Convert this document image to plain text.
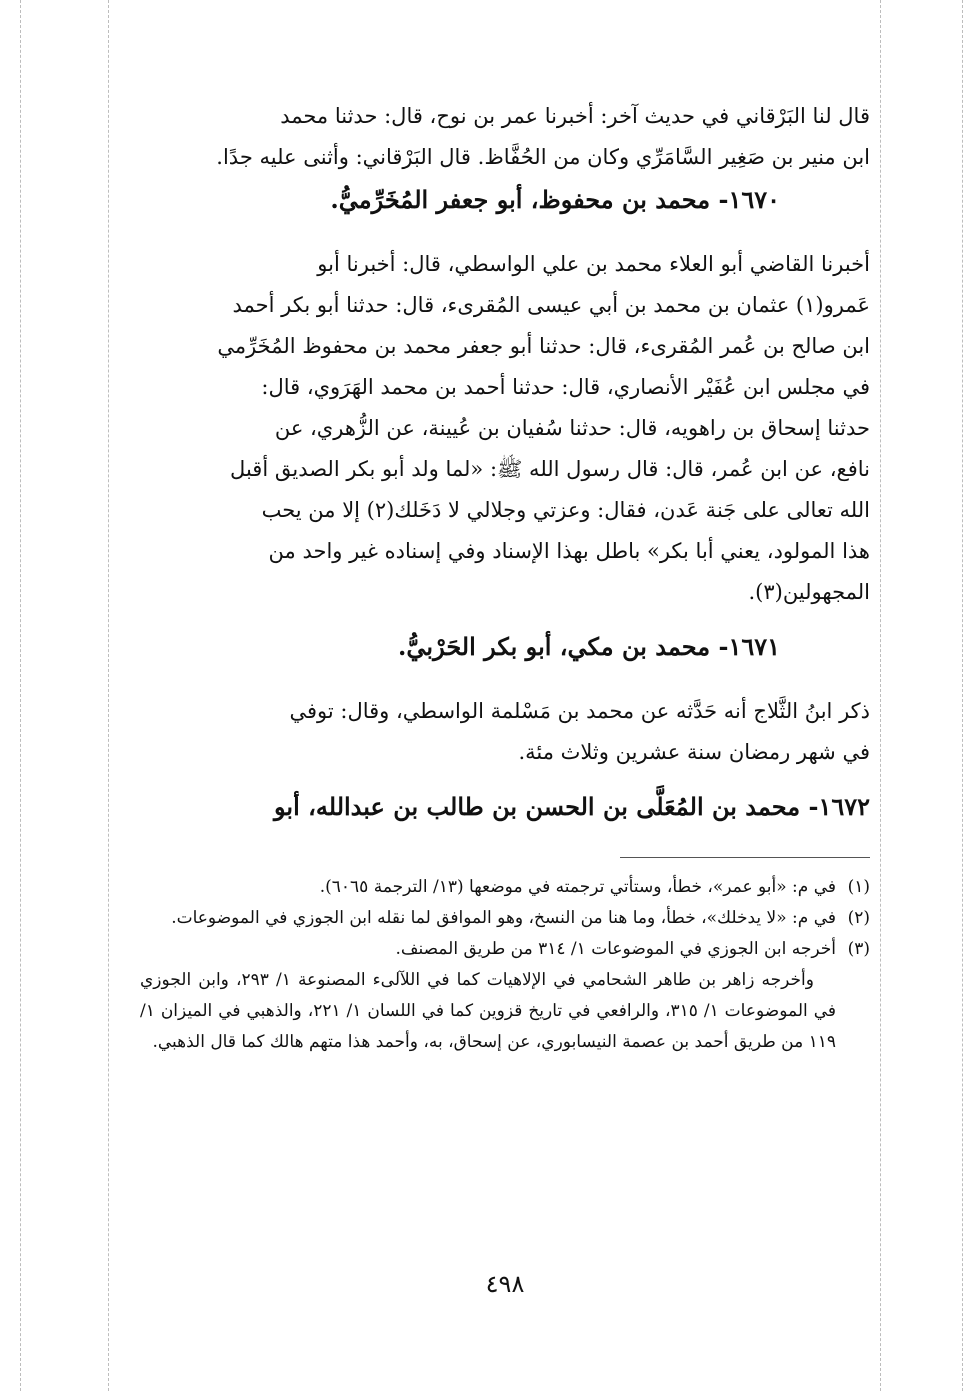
قال لنا البَرْقاني في حديث آخر: أخبرنا عمر بن نوح، قال: حدثنا محمد

ابن منير بن صَغِير السَّامَرِّي وكان من الحُفَّاظ. قال البَرْقاني: وأثنى عليه جدًا.

١٦٧٠- محمد بن محفوظ، أبو جعفر المُخَرِّميُّ.

أخبرنا القاضي أبو العلاء محمد بن علي الواسطي، قال: أخبرنا أبو

عَمرو(١) عثمان بن محمد بن أبي عيسى المُقرىء، قال: حدثنا أبو بكر أحمد

ابن صالح بن عُمر المُقرىء، قال: حدثنا أبو جعفر محمد بن محفوظ المُخَرِّمي

في مجلس ابن عُفَيْر الأنصاري، قال: حدثنا أحمد بن محمد الهَرَوي، قال:

حدثنا إسحاق بن راهويه، قال: حدثنا سُفيان بن عُيينة، عن الزُّهري، عن

نافع، عن ابن عُمر، قال: قال رسول الله ﷺ: «لما ولد أبو بكر الصديق أقبل

الله تعالى على جَنة عَدن، فقال: وعزتي وجلالي لا دَخَلك(٢) إلا من يحب

هذا المولود، يعني أبا بكر» باطل بهذا الإسناد وفي إسناده غير واحد من

المجهولين(٣).

١٦٧١- محمد بن مكي، أبو بكر الحَرْبيُّ.

ذكر ابنُ الثَّلاج أنه حَدَّثه عن محمد بن مَسْلمة الواسطي، وقال: توفي

في شهر رمضان سنة عشرين وثلاث مئة.

١٦٧٢- محمد بن المُعَلَّى بن الحسن بن طالب بن عبدالله، أبو
(١)
في م: «أبو عمر»، خطأ، وستأتي ترجمته في موضعها (١٣/ الترجمة ٦٠٦٥).
(٢)
في م: «لا يدخلك»، خطأ، وما هنا من النسخ، وهو الموافق لما نقله ابن الجوزي في الموضوعات.
(٣)
أخرجه ابن الجوزي في الموضوعات ١/ ٣١٤ من طريق المصنف.

وأخرجه زاهر بن طاهر الشحامي في الإلاهيات كما في اللآلىء المصنوعة ١/ ٢٩٣، وابن الجوزي في الموضوعات ١/ ٣١٥، والرافعي في تاريخ قزوين كما في اللسان ١/ ٢٢١، والذهبي في الميزان ١/ ١١٩ من طريق أحمد بن عصمة النيسابوري، عن إسحاق، به، وأحمد هذا متهم هالك كما قال الذهبي.

٤٩٨
